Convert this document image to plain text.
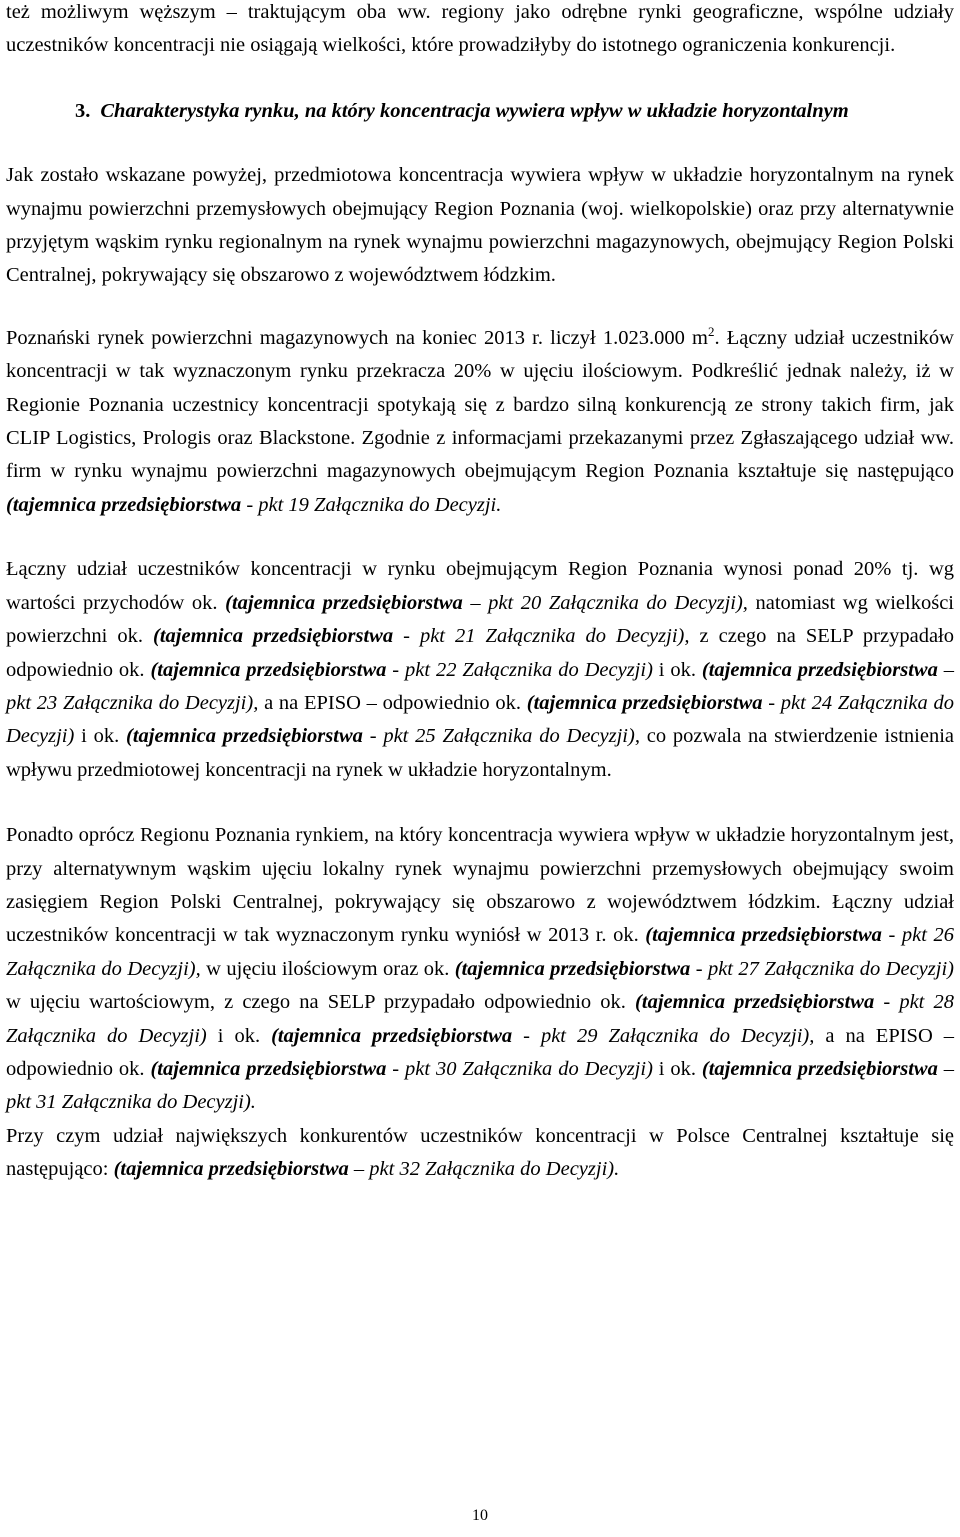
też możliwym węższym – traktującym oba ww. regiony jako odrębne rynki geograficzne, wspólne udziały uczestników koncentracji nie osiągają wielkości, które prowadziłyby do istotnego ograniczenia konkurencji.

3. Charakterystyka rynku, na który koncentracja wywiera wpływ w układzie horyzontalnym

Jak zostało wskazane powyżej, przedmiotowa koncentracja wywiera wpływ w układzie horyzontalnym na rynek wynajmu powierzchni przemysłowych obejmujący Region Poznania (woj. wielkopolskie) oraz przy alternatywnie przyjętym wąskim rynku regionalnym na rynek wynajmu powierzchni magazynowych, obejmujący Region Polski Centralnej, pokrywający się obszarowo z województwem łódzkim.

Poznański rynek powierzchni magazynowych na koniec 2013 r. liczył 1.023.000 $m^2$. Łączny udział uczestników koncentracji w tak wyznaczonym rynku przekracza 20% w ujęciu ilościowym. Podkreślić jednak należy, iż w Regionie Poznania uczestnicy koncentracji spotykają się z bardzo silną konkurencją ze strony takich firm, jak CLIP Logistics, Prologis oraz Blackstone. Zgodnie z informacjami przekazanymi przez Zgłaszającego udział ww. firm w rynku wynajmu powierzchni magazynowych obejmującym Region Poznania kształtuje się następująco (tajemnica przedsiębiorstwa - pkt 19 Załącznika do Decyzji.

Łączny udział uczestników koncentracji w rynku obejmującym Region Poznania wynosi ponad 20% tj. wg wartości przychodów ok. (tajemnica przedsiębiorstwa – pkt 20 Załącznika do Decyzji), natomiast wg wielkości powierzchni ok. (tajemnica przedsiębiorstwa - pkt 21 Załącznika do Decyzji), z czego na SELP przypadało odpowiednio ok. (tajemnica przedsiębiorstwa - pkt 22 Załącznika do Decyzji) i ok. (tajemnica przedsiębiorstwa – pkt 23 Załącznika do Decyzji), a na EPISO – odpowiednio ok. (tajemnica przedsiębiorstwa - pkt 24 Załącznika do Decyzji) i ok. (tajemnica przedsiębiorstwa - pkt 25 Załącznika do Decyzji), co pozwala na stwierdzenie istnienia wpływu przedmiotowej koncentracji na rynek w układzie horyzontalnym.

Ponadto oprócz Regionu Poznania rynkiem, na który koncentracja wywiera wpływ w układzie horyzontalnym jest, przy alternatywnym wąskim ujęciu lokalny rynek wynajmu powierzchni przemysłowych obejmujący swoim zasięgiem Region Polski Centralnej, pokrywający się obszarowo z województwem łódzkim. Łączny udział uczestników koncentracji w tak wyznaczonym rynku wyniósł w 2013 r. ok. (tajemnica przedsiębiorstwa - pkt 26 Załącznika do Decyzji), w ujęciu ilościowym oraz ok. (tajemnica przedsiębiorstwa - pkt 27 Załącznika do Decyzji) w ujęciu wartościowym, z czego na SELP przypadało odpowiednio ok. (tajemnica przedsiębiorstwa - pkt 28 Załącznika do Decyzji) i ok. (tajemnica przedsiębiorstwa - pkt 29 Załącznika do Decyzji), a na EPISO – odpowiednio ok. (tajemnica przedsiębiorstwa - pkt 30 Załącznika do Decyzji) i ok. (tajemnica przedsiębiorstwa – pkt 31 Załącznika do Decyzji).

Przy czym udział największych konkurentów uczestników koncentracji w Polsce Centralnej kształtuje się następująco: (tajemnica przedsiębiorstwa – pkt 32 Załącznika do Decyzji).

10
